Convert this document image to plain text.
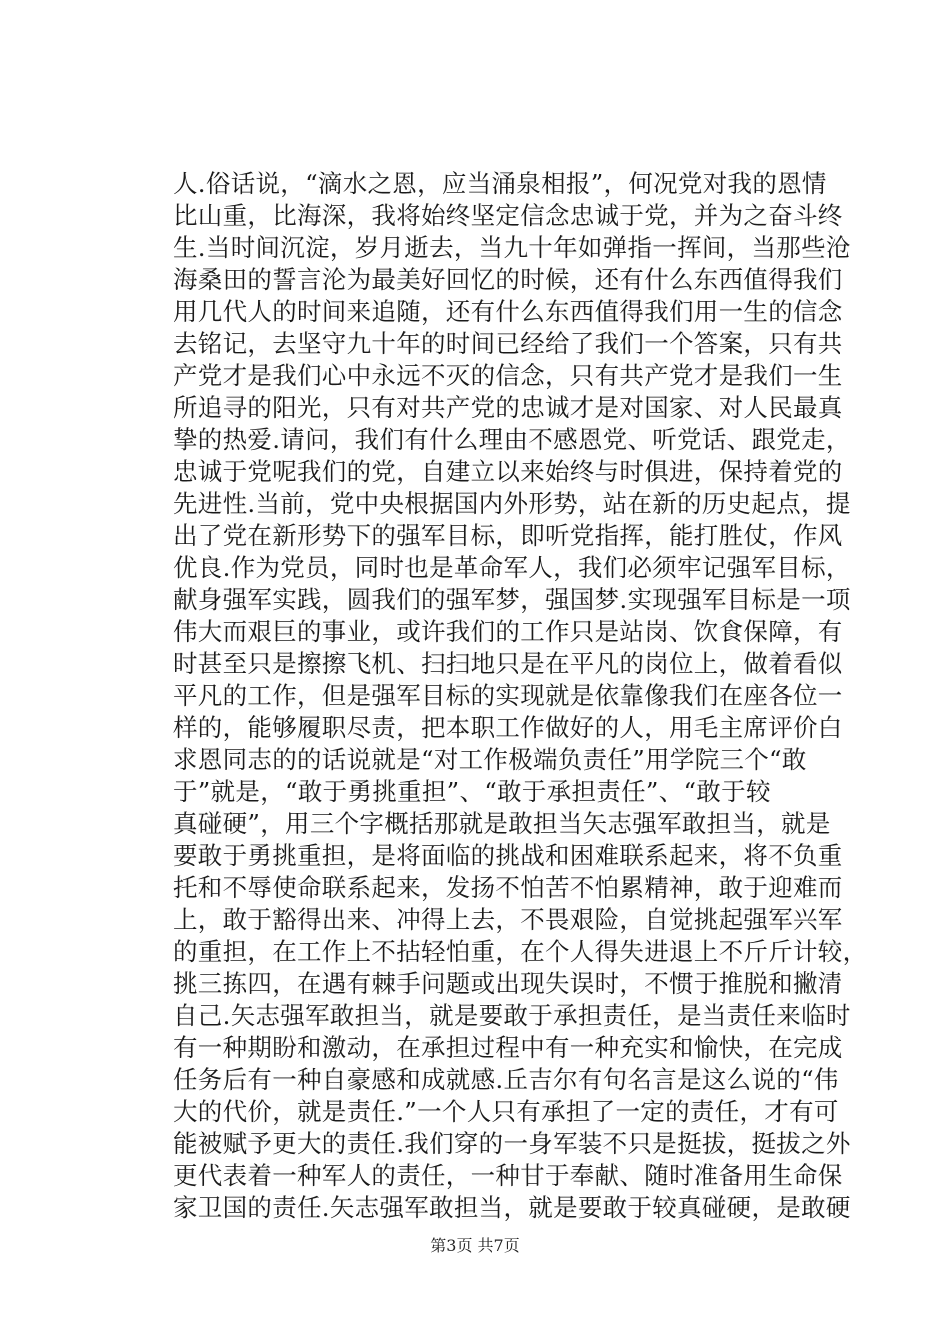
人.俗话说，“滴水之恩，应当涌泉相报”，何况党对我的恩情
比山重，比海深，我将始终坚定信念忠诚于党，并为之奋斗终
生.当时间沉淀，岁月逝去，当九十年如弹指一挥间，当那些沧
海桑田的誓言沦为最美好回忆的时候，还有什么东西值得我们
用几代人的时间来追随，还有什么东西值得我们用一生的信念
去铭记，去坚守九十年的时间已经给了我们一个答案，只有共
产党才是我们心中永远不灭的信念，只有共产党才是我们一生
所追寻的阳光，只有对共产党的忠诚才是对国家、对人民最真
挚的热爱.请问，我们有什么理由不感恩党、听党话、跟党走，
忠诚于党呢我们的党，自建立以来始终与时俱进，保持着党的
先进性.当前，党中央根据国内外形势，站在新的历史起点，提
出了党在新形势下的强军目标，即听党指挥，能打胜仗，作风
优良.作为党员，同时也是革命军人，我们必须牢记强军目标，
献身强军实践，圆我们的强军梦，强国梦.实现强军目标是一项
伟大而艰巨的事业，或许我们的工作只是站岗、饮食保障，有
时甚至只是擦擦飞机、扫扫地只是在平凡的岗位上，做着看似
平凡的工作，但是强军目标的实现就是依靠像我们在座各位一
样的，能够履职尽责，把本职工作做好的人，用毛主席评价白
求恩同志的的话说就是“对工作极端负责任”用学院三个“敢
于”就是，“敢于勇挑重担”、“敢于承担责任”、“敢于较
真碰硬”，用三个字概括那就是敢担当矢志强军敢担当，就是
要敢于勇挑重担，是将面临的挑战和困难联系起来，将不负重
托和不辱使命联系起来，发扬不怕苦不怕累精神，敢于迎难而
上，敢于豁得出来、冲得上去，不畏艰险，自觉挑起强军兴军
的重担，在工作上不拈轻怕重，在个人得失进退上不斤斤计较，
挑三拣四，在遇有棘手问题或出现失误时，不惯于推脱和撇清
自己.矢志强军敢担当，就是要敢于承担责任，是当责任来临时
有一种期盼和激动，在承担过程中有一种充实和愉快，在完成
任务后有一种自豪感和成就感.丘吉尔有句名言是这么说的“伟
大的代价，就是责任.”一个人只有承担了一定的责任，才有可
能被赋予更大的责任.我们穿的一身军装不只是挺拔，挺拔之外
更代表着一种军人的责任，一种甘于奉献、随时准备用生命保
家卫国的责任.矢志强军敢担当，就是要敢于较真碰硬，是敢硬
第3页 共7页
